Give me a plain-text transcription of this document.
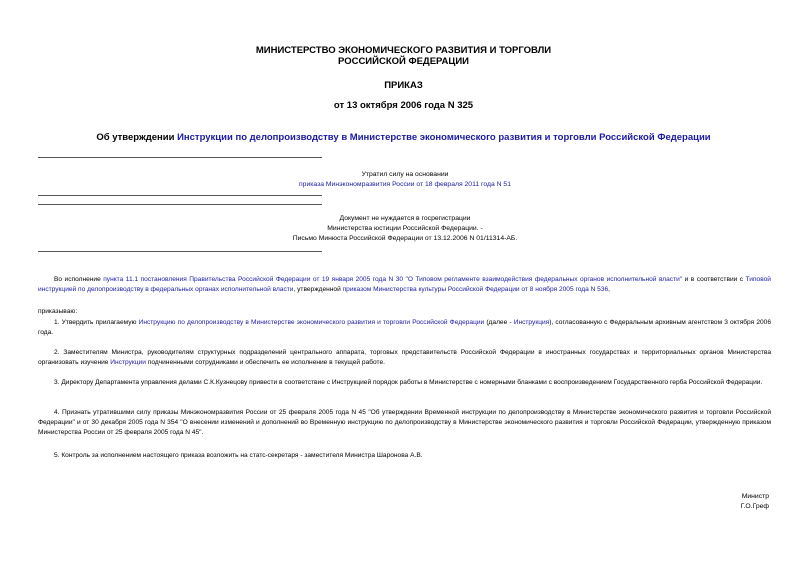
МИНИСТЕРСТВО ЭКОНОМИЧЕСКОГО РАЗВИТИЯ И ТОРГОВЛИ
РОССИЙСКОЙ ФЕДЕРАЦИИ
ПРИКАЗ
от 13 октября 2006 года N 325
Об утверждении Инструкции по делопроизводству в Министерстве экономического развития и торговли Российской Федерации
Утратил силу на основании
приказа Минэкономразвития России от 18 февраля 2011 года N 51
Документ не нуждается в госрегистрации
Министерства юстиции Российской Федерации. -
Письмо Минюста Российской Федерации от 13.12.2006 N 01/11314-АБ.
Во исполнение пункта 11.1 постановления Правительства Российской Федерации от 19 января 2005 года N 30 "О Типовом регламенте взаимодействия федеральных органов исполнительной власти" и в соответствии с Типовой инструкцией по делопроизводству в федеральных органах исполнительной власти, утвержденной приказом Министерства культуры Российской Федерации от 8 ноября 2005 года N 536,
приказываю:
1. Утвердить прилагаемую Инструкцию по делопроизводству в Министерстве экономического развития и торговли Российской Федерации (далее - Инструкция), согласованную с Федеральным архивным агентством 3 октября 2006 года.
2. Заместителям Министра, руководителям структурных подразделений центрального аппарата, торговых представительств Российской Федерации в иностранных государствах и территориальных органов Министерства организовать изучение Инструкции подчиненными сотрудниками и обеспечить ее исполнение в текущей работе.
3. Директору Департамента управления делами С.К.Кузнецову привести в соответствие с Инструкцией порядок работы в Министерстве с номерными бланками с воспроизведением Государственного герба Российской Федерации.
4. Признать утратившими силу приказы Минэкономразвития России от 25 февраля 2005 года N 45 "Об утверждении Временной инструкции по делопроизводству в Министерстве экономического развития и торговли Российской Федерации" и от 30 декабря 2005 года N 354 "О внесении изменений и дополнений во Временную инструкцию по делопроизводству в Министерстве экономического развития и торговли Российской Федерации, утвержденную приказом Министерства России от 25 февраля 2005 года N 45".
5. Контроль за исполнением настоящего приказа возложить на статс-секретаря - заместителя Министра Шаронова А.В.
Министр
Г.О.Греф
